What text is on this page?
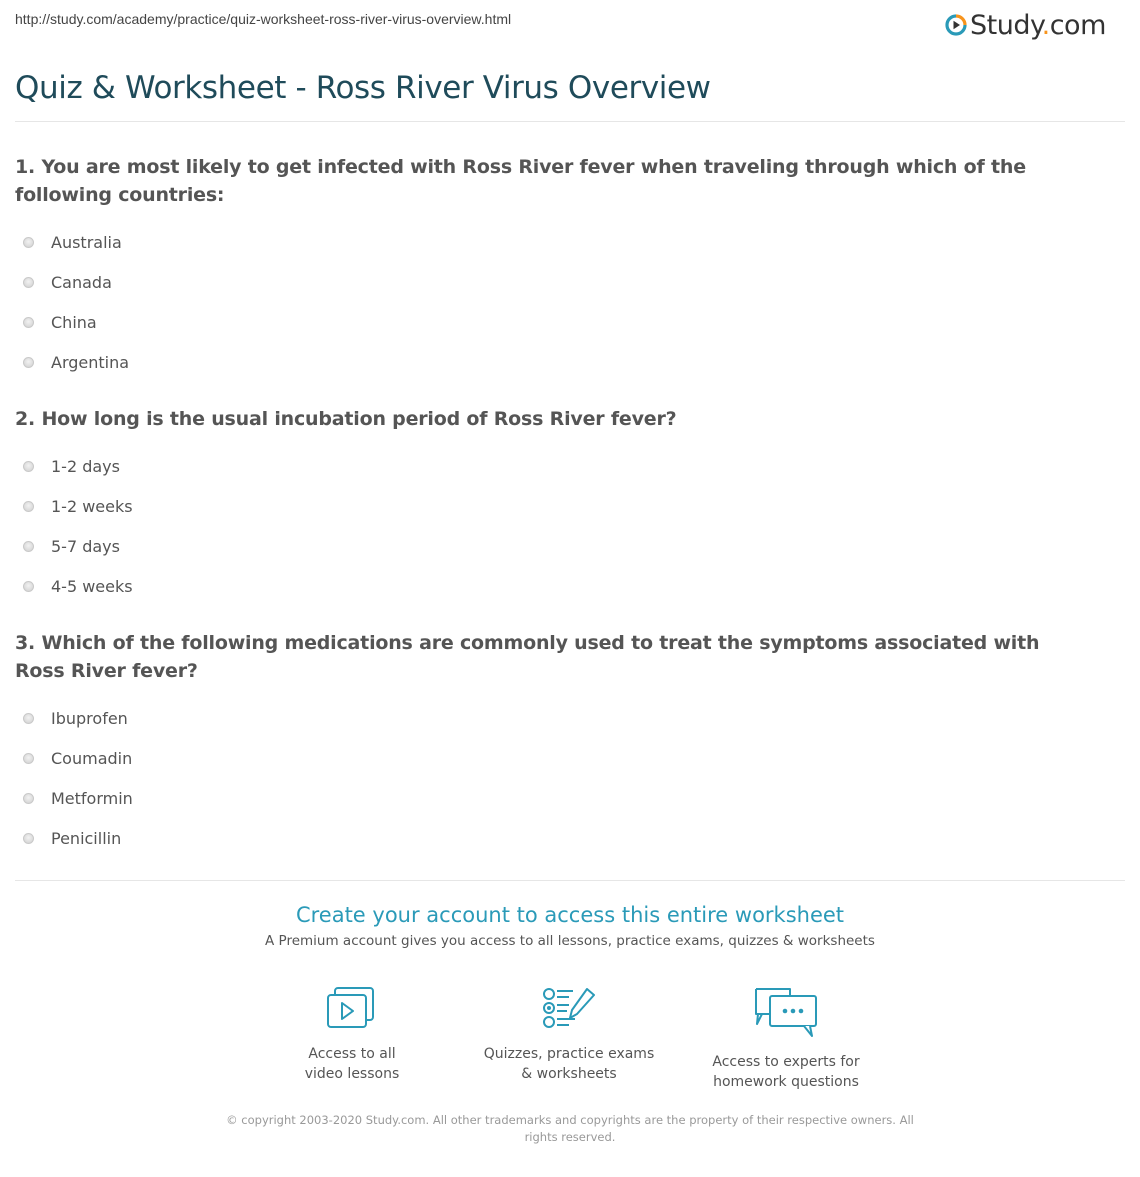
http://study.com/academy/practice/quiz-worksheet-ross-river-virus-overview.html	Study.com
Quiz & Worksheet - Ross River Virus Overview

1. You are most likely to get infected with Ross River fever when traveling through which of the following countries:

Australia
Canada
China
Argentina

2. How long is the usual incubation period of Ross River fever?

1-2 days
1-2 weeks
5-7 days
4-5 weeks

3. Which of the following medications are commonly used to treat the symptoms associated with Ross River fever?

Ibuprofen
Coumadin
Metformin
Penicillin
Create your account to access this entire worksheet
A Premium account gives you access to all lessons, practice exams, quizzes & worksheets
Access to all
video lessons
Quizzes, practice exams
& worksheets
Access to experts for
homework questions
© copyright 2003-2020 Study.com. All other trademarks and copyrights are the property of their respective owners. All rights reserved.
